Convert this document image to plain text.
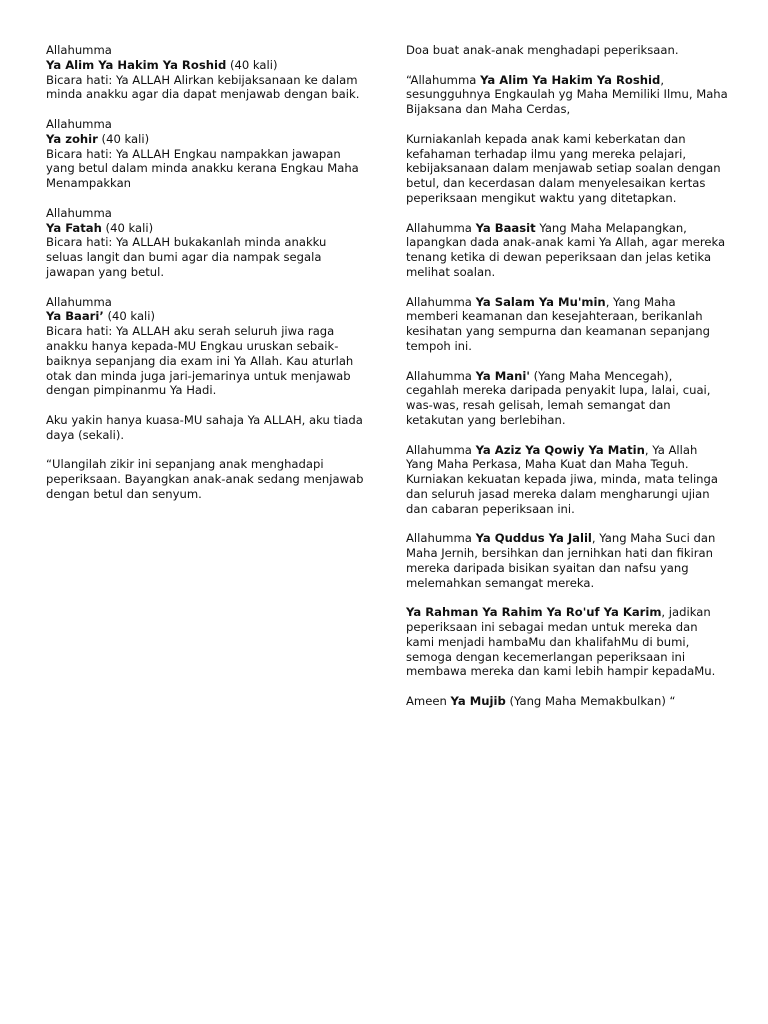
Allahumma

Ya Alim Ya Hakim Ya Roshid (40 kali)

Bicara hati: Ya ALLAH Alirkan kebijaksanaan ke dalam minda anakku agar dia dapat menjawab dengan baik.

Allahumma

Ya zohir (40 kali)

Bicara hati: Ya ALLAH Engkau nampakkan jawapan yang betul dalam minda anakku kerana Engkau Maha Menampakkan

Allahumma

Ya Fatah (40 kali)

Bicara hati: Ya ALLAH bukakanlah minda anakku seluas langit dan bumi agar dia nampak segala jawapan yang betul.

Allahumma

Ya Baari’ (40 kali)

Bicara hati: Ya ALLAH aku serah seluruh jiwa raga anakku hanya kepada-MU Engkau uruskan sebaik-baiknya sepanjang dia exam ini Ya Allah. Kau aturlah otak dan minda juga jari-jemarinya untuk menjawab dengan pimpinanmu Ya Hadi.

Aku yakin hanya kuasa-MU sahaja Ya ALLAH, aku tiada daya (sekali).

“Ulangilah zikir ini sepanjang anak menghadapi peperiksaan. Bayangkan anak-anak sedang menjawab dengan betul dan senyum.

Doa buat anak-anak menghadapi peperiksaan.

“Allahumma Ya Alim Ya Hakim Ya Roshid, sesungguhnya Engkaulah yg Maha Memiliki Ilmu, Maha Bijaksana dan Maha Cerdas,

Kurniakanlah kepada anak kami keberkatan dan kefahaman terhadap ilmu yang mereka pelajari, kebijaksanaan dalam menjawab setiap soalan dengan betul, dan kecerdasan dalam menyelesaikan kertas peperiksaan mengikut waktu yang ditetapkan.

Allahumma Ya Baasit Yang Maha Melapangkan, lapangkan dada anak-anak kami Ya Allah, agar mereka tenang ketika di dewan peperiksaan dan jelas ketika melihat soalan.

Allahumma Ya Salam Ya Mu'min, Yang Maha memberi keamanan dan kesejahteraan, berikanlah kesihatan yang sempurna dan keamanan sepanjang tempoh ini.

Allahumma Ya Mani' (Yang Maha Mencegah), cegahlah mereka daripada penyakit lupa, lalai, cuai, was-was, resah gelisah, lemah semangat dan ketakutan yang berlebihan.

Allahumma Ya Aziz Ya Qowiy Ya Matin, Ya Allah Yang Maha Perkasa, Maha Kuat dan Maha Teguh. Kurniakan kekuatan kepada jiwa, minda, mata telinga dan seluruh jasad mereka dalam mengharungi ujian dan cabaran peperiksaan ini.

Allahumma Ya Quddus Ya Jalil, Yang Maha Suci dan Maha Jernih, bersihkan dan jernihkan hati dan fikiran mereka daripada bisikan syaitan dan nafsu yang melemahkan semangat mereka.

Ya Rahman Ya Rahim Ya Ro'uf Ya Karim, jadikan peperiksaan ini sebagai medan untuk mereka dan kami menjadi hambaMu dan khalifahMu di bumi, semoga dengan kecemerlangan peperiksaan ini membawa mereka dan kami lebih hampir kepadaMu.

Ameen Ya Mujib (Yang Maha Memakbulkan) “
